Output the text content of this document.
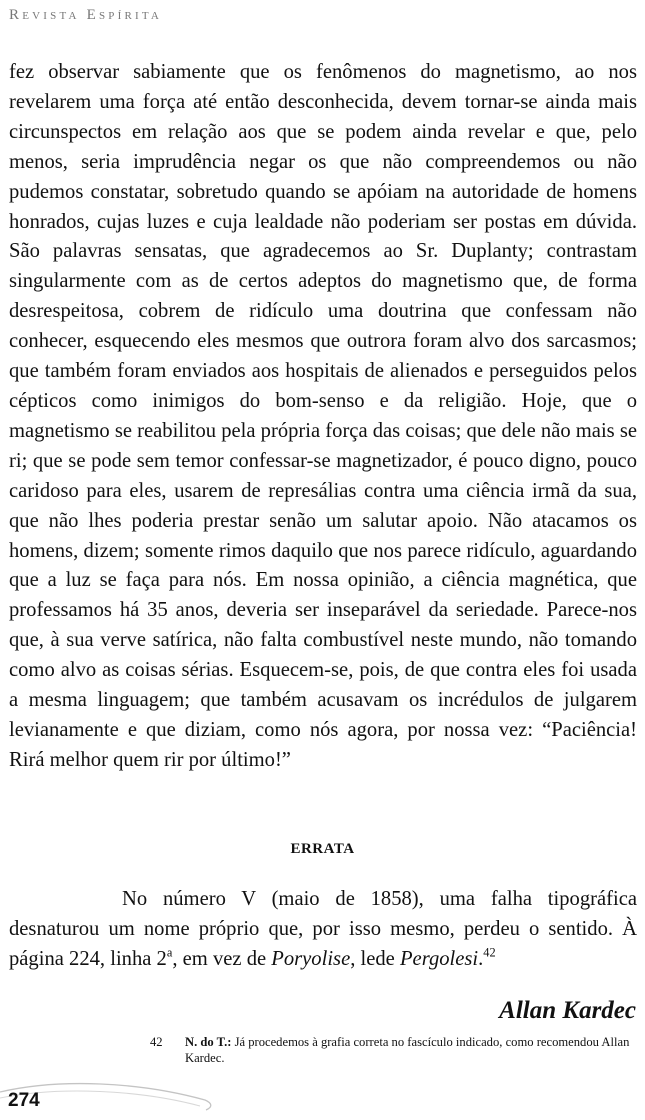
Revista Espírita

fez observar sabiamente que os fenômenos do magnetismo, ao nos revelarem uma força até então desconhecida, devem tornar-se ainda mais circunspectos em relação aos que se podem ainda revelar e que, pelo menos, seria imprudência negar os que não compreendemos ou não pudemos constatar, sobretudo quando se apóiam na autoridade de homens honrados, cujas luzes e cuja lealdade não poderiam ser postas em dúvida. São palavras sensatas, que agradecemos ao Sr. Duplanty; contrastam singularmente com as de certos adeptos do magnetismo que, de forma desrespeitosa, cobrem de ridículo uma doutrina que confessam não conhecer, esquecendo eles mesmos que outrora foram alvo dos sarcasmos; que também foram enviados aos hospitais de alienados e perseguidos pelos cépticos como inimigos do bom-senso e da religião. Hoje, que o magnetismo se reabilitou pela própria força das coisas; que dele não mais se ri; que se pode sem temor confessar-se magnetizador, é pouco digno, pouco caridoso para eles, usarem de represálias contra uma ciência irmã da sua, que não lhes poderia prestar senão um salutar apoio. Não atacamos os homens, dizem; somente rimos daquilo que nos parece ridículo, aguardando que a luz se faça para nós. Em nossa opinião, a ciência magnética, que professamos há 35 anos, deveria ser inseparável da seriedade. Parece-nos que, à sua verve satírica, não falta combustível neste mundo, não tomando como alvo as coisas sérias. Esquecem-se, pois, de que contra eles foi usada a mesma linguagem; que também acusavam os incrédulos de julgarem levianamente e que diziam, como nós agora, por nossa vez: “Paciência! Rirá melhor quem rir por último!”

ERRATA

No número V (maio de 1858), uma falha tipográfica desnaturou um nome próprio que, por isso mesmo, perdeu o sentido. À página 224, linha 2$^a$, em vez de Poryolise, lede Pergolesi.$^{42}$

Allan Kardec
42 N. do T.: Já procedemos à grafia correta no fascículo indicado, como recomendou Allan Kardec.
274
